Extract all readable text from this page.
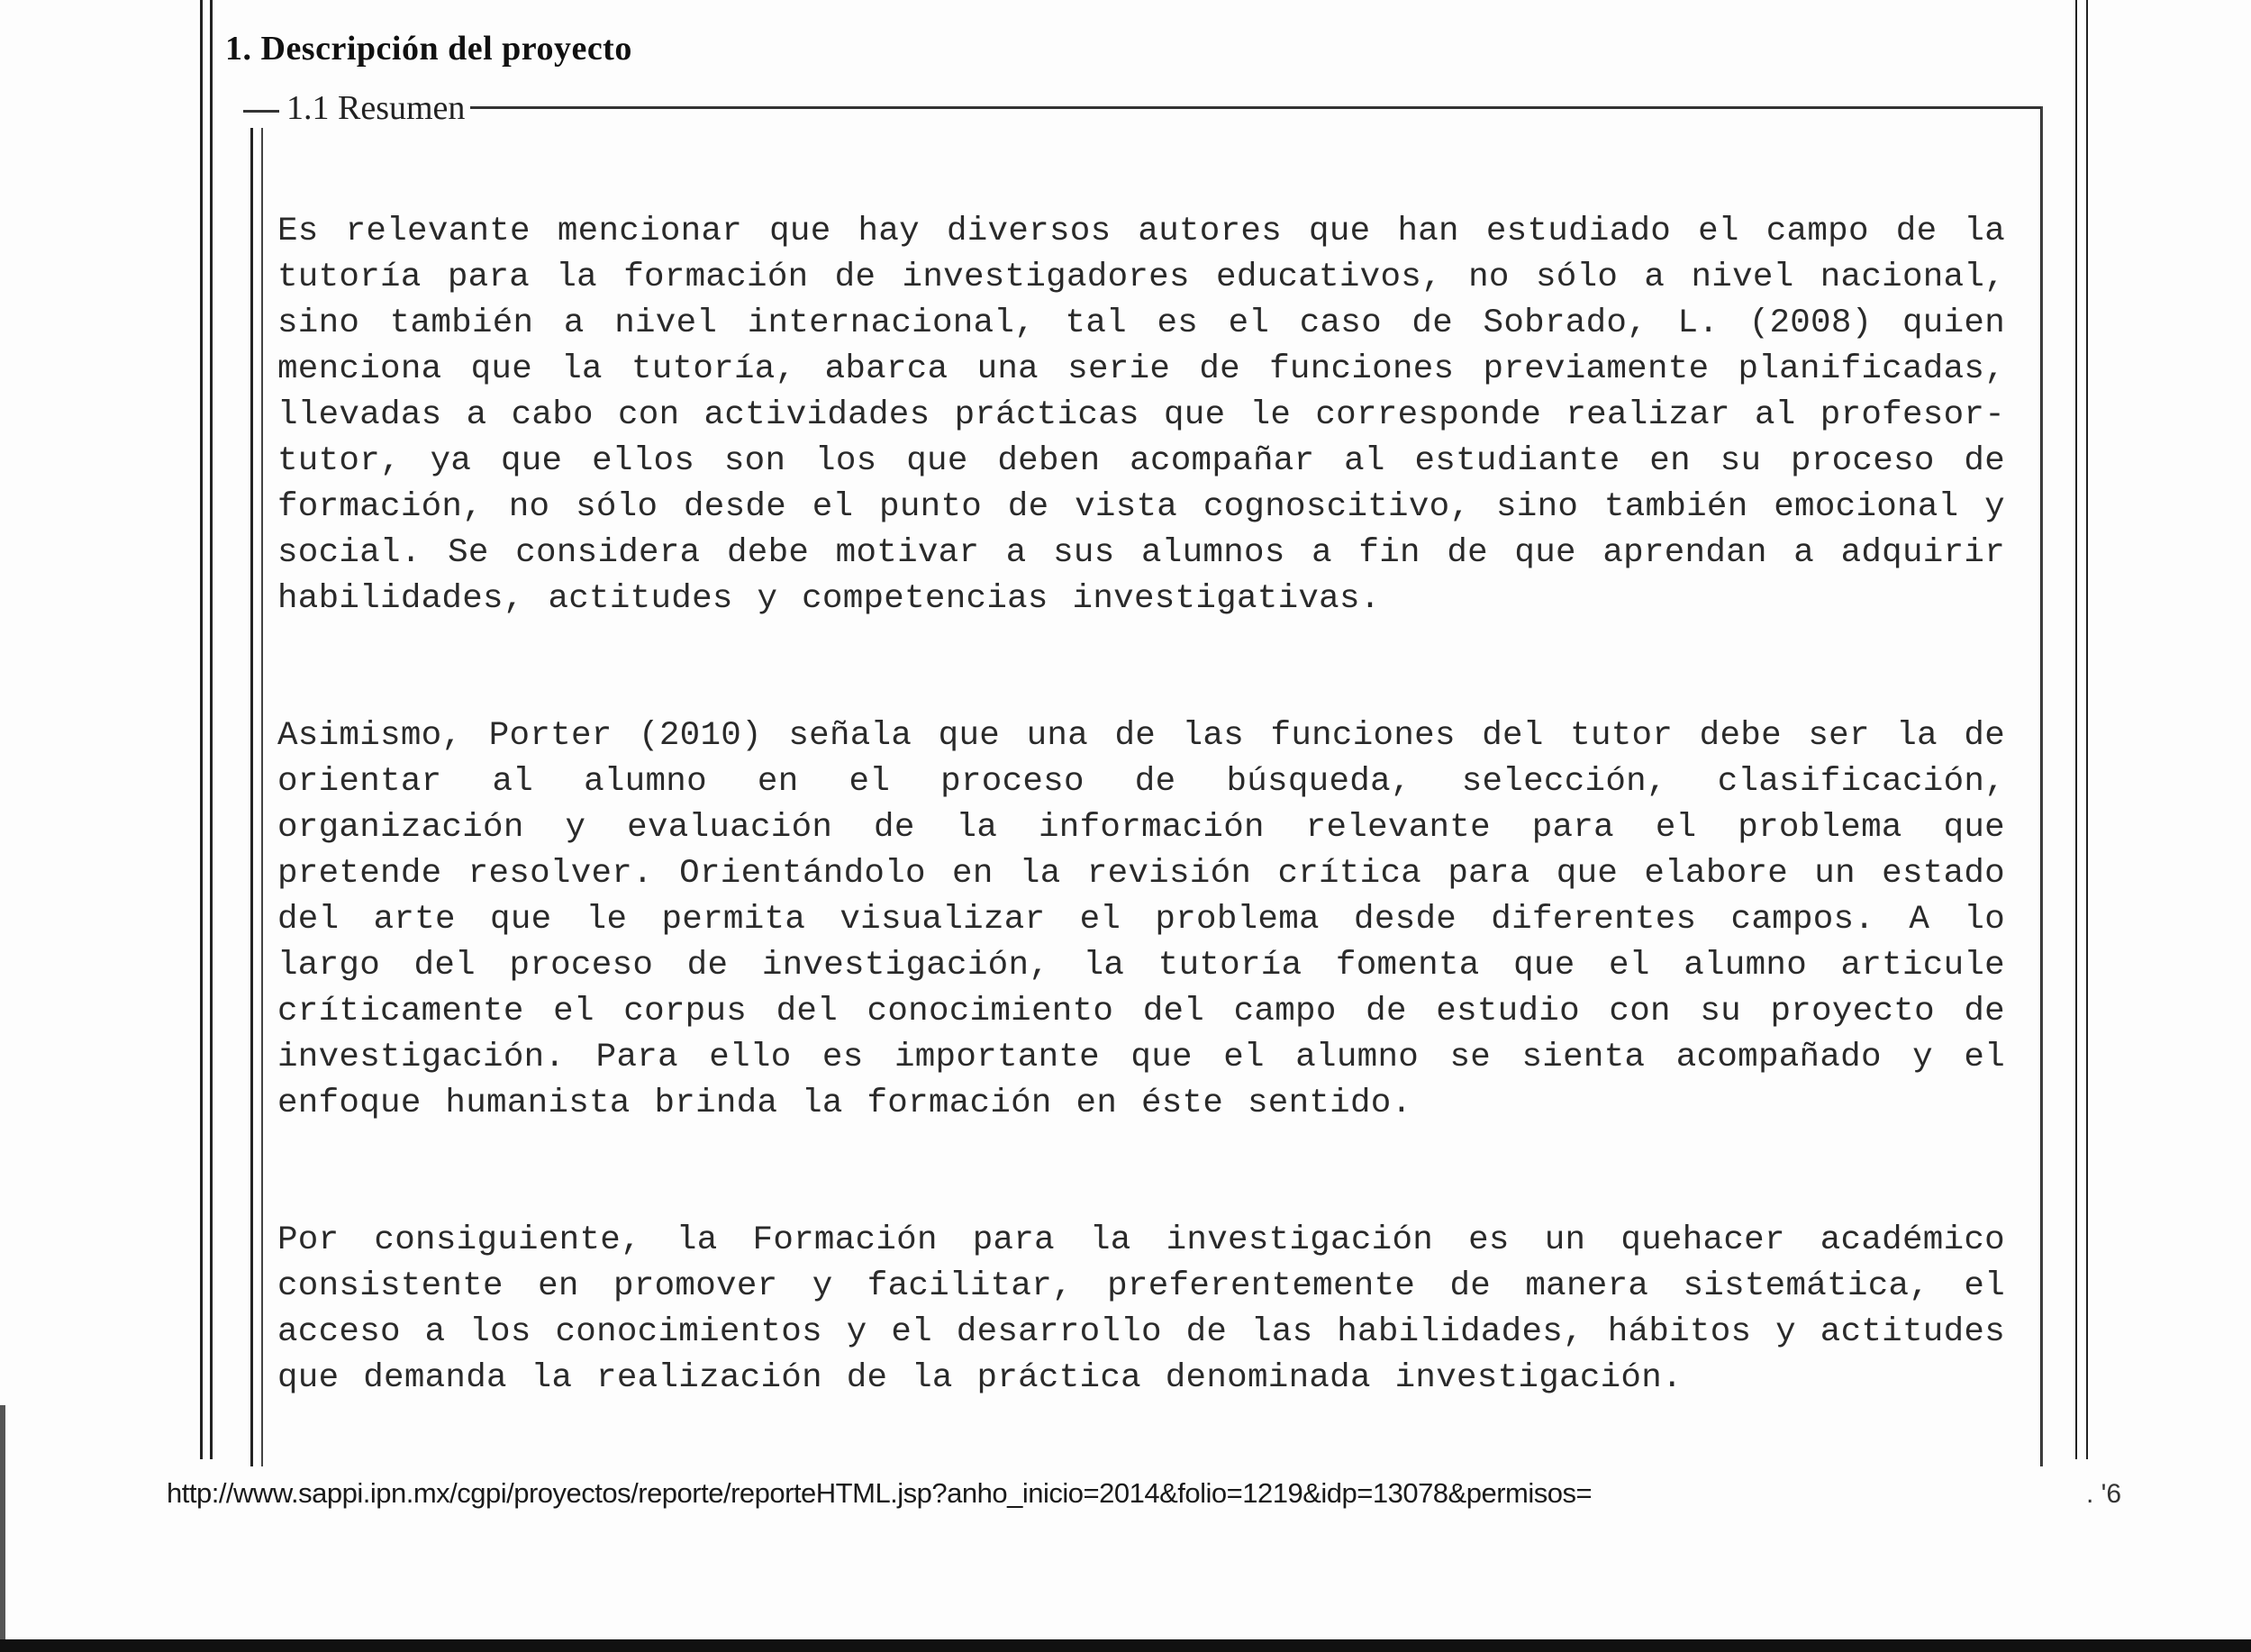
1. Descripción del proyecto
1.1 Resumen

Es relevante mencionar que hay diversos autores que han estudiado el campo de la tutoría para la formación de investigadores educativos, no sólo a nivel nacional, sino también a nivel internacional, tal es el caso de Sobrado, L. (2008) quien menciona que la tutoría, abarca una serie de funciones previamente planificadas, llevadas a cabo con actividades prácticas que le corresponde realizar al profesor-tutor, ya que ellos son los que deben acompañar al estudiante en su proceso de formación, no sólo desde el punto de vista cognoscitivo, sino también emocional y social. Se considera debe motivar a sus alumnos a fin de que aprendan a adquirir habilidades, actitudes y competencias investigativas.

Asimismo, Porter (2010) señala que una de las funciones del tutor debe ser la de orientar al alumno en el proceso de búsqueda, selección, clasificación, organización y evaluación de la información relevante para el problema que pretende resolver. Orientándolo en la revisión crítica para que elabore un estado del arte que le permita visualizar el problema desde diferentes campos. A lo largo del proceso de investigación, la tutoría fomenta que el alumno articule críticamente el corpus del conocimiento del campo de estudio con su proyecto de investigación. Para ello es importante que el alumno se sienta acompañado y el enfoque humanista brinda la formación en éste sentido.

Por consiguiente, la Formación para la investigación es un quehacer académico consistente en promover y facilitar, preferentemente de manera sistemática, el acceso a los conocimientos y el desarrollo de las habilidades, hábitos y actitudes que demanda la realización de la práctica denominada investigación.

http://www.sappi.ipn.mx/cgpi/proyectos/reporte/reporteHTML.jsp?anho_inicio=2014&folio=1219&idp=13078&permisos=	. '6
